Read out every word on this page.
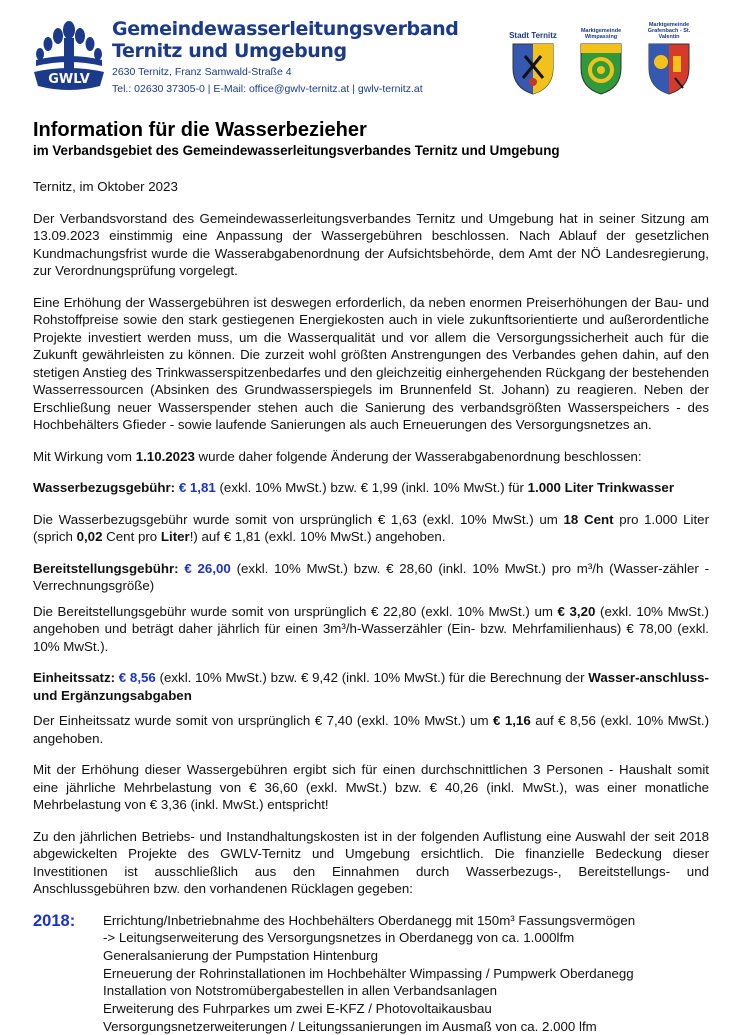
GWLV
Gemeindewasserleitungsverband
Ternitz und Umgebung
2630 Ternitz, Franz Samwald-Straße 4
Tel.: 02630 37305-0 | E-Mail: office@gwlv-ternitz.at | gwlv-ternitz.at
Stadt Ternitz	Marktgemeinde Wimpassing
Marktgemeinde Grafenbach - St. Valentin
Information für die Wasserbezieher
im Verbandsgebiet des Gemeindewasserleitungsverbandes Ternitz und Umgebung

Ternitz, im Oktober 2023

Der Verbandsvorstand des Gemeindewasserleitungsverbandes Ternitz und Umgebung hat in seiner Sitzung am 13.09.2023 einstimmig eine Anpassung der Wassergebühren beschlossen. Nach Ablauf der gesetzlichen Kundmachungsfrist wurde die Wasserabgabenordnung der Aufsichtsbehörde, dem Amt der NÖ Landesregierung, zur Verordnungsprüfung vorgelegt.

Eine Erhöhung der Wassergebühren ist deswegen erforderlich, da neben enormen Preiserhöhungen der Bau- und Rohstoffpreise sowie den stark gestiegenen Energiekosten auch in viele zukunftsorientierte und außerordentliche Projekte investiert werden muss, um die Wasserqualität und vor allem die Versorgungssicherheit auch für die Zukunft gewährleisten zu können. Die zurzeit wohl größten Anstrengungen des Verbandes gehen dahin, auf den stetigen Anstieg des Trinkwasserspitzenbedarfes und den gleichzeitig einhergehenden Rückgang der bestehenden Wasserressourcen (Absinken des Grundwasserspiegels im Brunnenfeld St. Johann) zu reagieren. Neben der Erschließung neuer Wasserspender stehen auch die Sanierung des verbandsgrößten Wasserspeichers - des Hochbehälters Gfieder - sowie laufende Sanierungen als auch Erneuerungen des Versorgungsnetzes an.

Mit Wirkung vom 1.10.2023 wurde daher folgende Änderung der Wasserabgabenordnung beschlossen:

Wasserbezugsgebühr: € 1,81 (exkl. 10% MwSt.) bzw. € 1,99 (inkl. 10% MwSt.) für 1.000 Liter Trinkwasser

Die Wasserbezugsgebühr wurde somit von ursprünglich € 1,63 (exkl. 10% MwSt.) um 18 Cent pro 1.000 Liter (sprich 0,02 Cent pro Liter!) auf € 1,81 (exkl. 10% MwSt.) angehoben.

Bereitstellungsgebühr: € 26,00 (exkl. 10% MwSt.) bzw. € 28,60 (inkl. 10% MwSt.) pro m³/h (Wasser-zähler - Verrechnungsgröße)

Die Bereitstellungsgebühr wurde somit von ursprünglich € 22,80 (exkl. 10% MwSt.) um € 3,20 (exkl. 10% MwSt.) angehoben und beträgt daher jährlich für einen 3m³/h-Wasserzähler (Ein- bzw. Mehrfamilienhaus) € 78,00 (exkl. 10% MwSt.).

Einheitssatz: € 8,56 (exkl. 10% MwSt.) bzw. € 9,42 (inkl. 10% MwSt.) für die Berechnung der Wasser-anschluss- und Ergänzungsabgaben

Der Einheitssatz wurde somit von ursprünglich € 7,40 (exkl. 10% MwSt.) um € 1,16 auf € 8,56 (exkl. 10% MwSt.) angehoben.

Mit der Erhöhung dieser Wassergebühren ergibt sich für einen durchschnittlichen 3 Personen - Haushalt somit eine jährliche Mehrbelastung von € 36,60 (exkl. MwSt.) bzw. € 40,26 (inkl. MwSt.), was einer monatliche Mehrbelastung von € 3,36 (inkl. MwSt.) entspricht!

Zu den jährlichen Betriebs- und Instandhaltungskosten ist in der folgenden Auflistung eine Auswahl der seit 2018 abgewickelten Projekte des GWLV-Ternitz und Umgebung ersichtlich. Die finanzielle Bedeckung dieser Investitionen ist ausschließlich aus den Einnahmen durch Wasserbezugs-, Bereitstellungs- und Anschlussgebühren bzw. den vorhandenen Rücklagen gegeben:

2018:	Errichtung/Inbetriebnahme des Hochbehälters Oberdanegg mit 150m³ Fassungsvermögen
-> Leitungserweiterung des Versorgungsnetzes in Oberdanegg von ca. 1.000lfm
Generalsanierung der Pumpstation Hintenburg
Erneuerung der Rohrinstallationen im Hochbehälter Wimpassing / Pumpwerk Oberdanegg
Installation von Notstromübergabestellen in allen Verbandsanlagen
Erweiterung des Fuhrparkes um zwei E-KFZ / Photovoltaikausbau
Versorgungsnetzerweiterungen / Leitungssanierungen im Ausmaß von ca. 2.000 lfm
